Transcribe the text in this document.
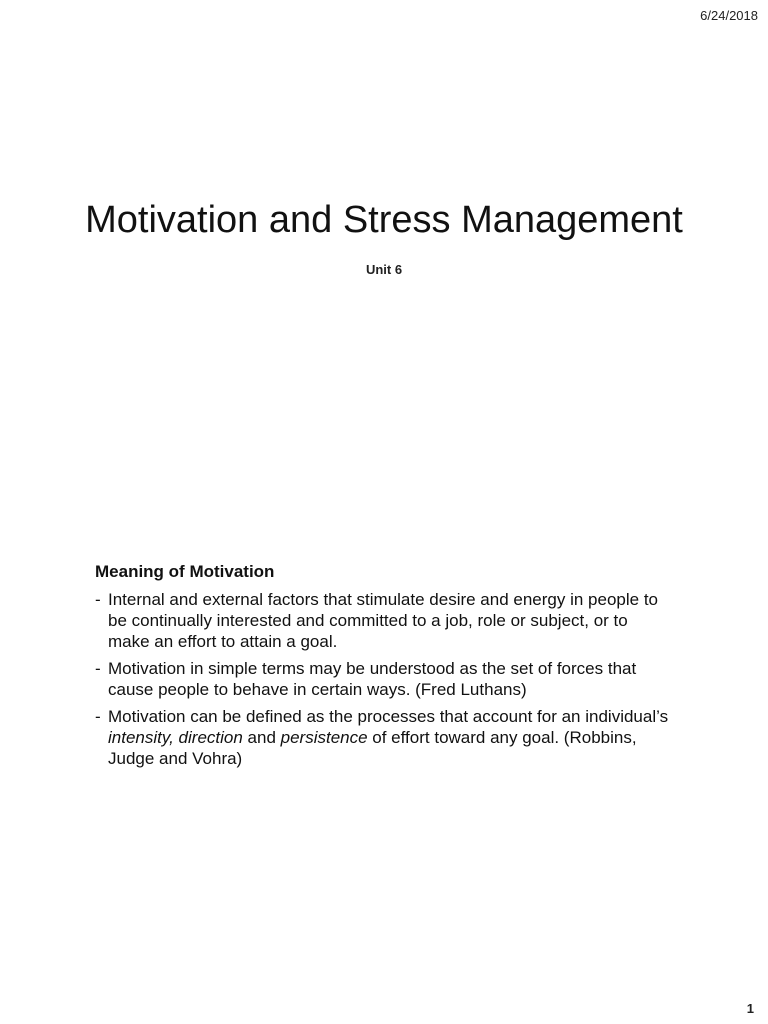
6/24/2018
Motivation and Stress Management

Unit 6

Meaning of Motivation
- Internal and external factors that stimulate desire and energy in people to be continually interested and committed to a job, role or subject, or to make an effort to attain a goal.
- Motivation in simple terms may be understood as the set of forces that cause people to behave in certain ways. (Fred Luthans)
- Motivation can be defined as the processes that account for an individual’s intensity, direction and persistence of effort toward any goal. (Robbins, Judge and Vohra)
1
